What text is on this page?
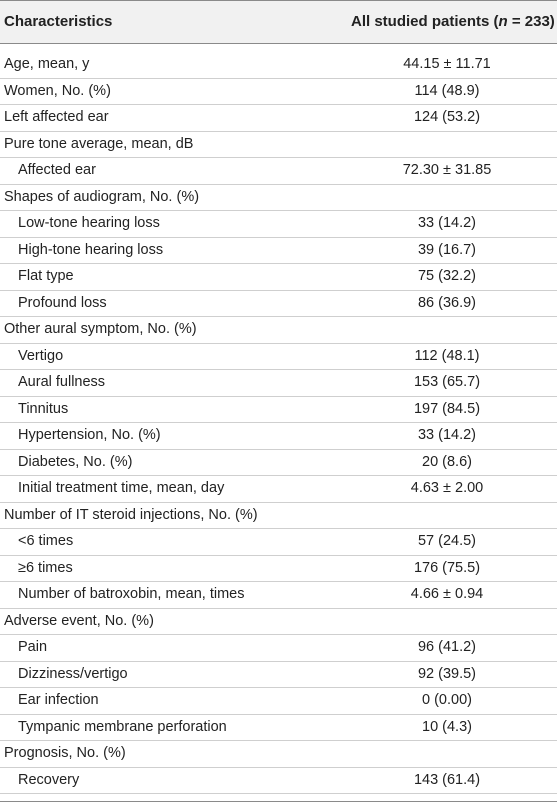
Characteristics	All studied patients (n = 233)
Age, mean, y	44.15 ± 11.71
Women, No. (%)	114 (48.9)
Left affected ear	124 (53.2)
Pure tone average, mean, dB
Affected ear	72.30 ± 31.85
Shapes of audiogram, No. (%)
Low-tone hearing loss	33 (14.2)
High-tone hearing loss	39 (16.7)
Flat type	75 (32.2)
Profound loss	86 (36.9)
Other aural symptom, No. (%)
Vertigo	112 (48.1)
Aural fullness	153 (65.7)
Tinnitus	197 (84.5)
Hypertension, No. (%)	33 (14.2)
Diabetes, No. (%)	20 (8.6)
Initial treatment time, mean, day	4.63 ± 2.00
Number of IT steroid injections, No. (%)
<6 times	57 (24.5)
≥6 times	176 (75.5)
Number of batroxobin, mean, times	4.66 ± 0.94
Adverse event, No. (%)
Pain	96 (41.2)
Dizziness/vertigo	92 (39.5)
Ear infection	0 (0.00)
Tympanic membrane perforation	10 (4.3)
Prognosis, No. (%)
Recovery	143 (61.4)
